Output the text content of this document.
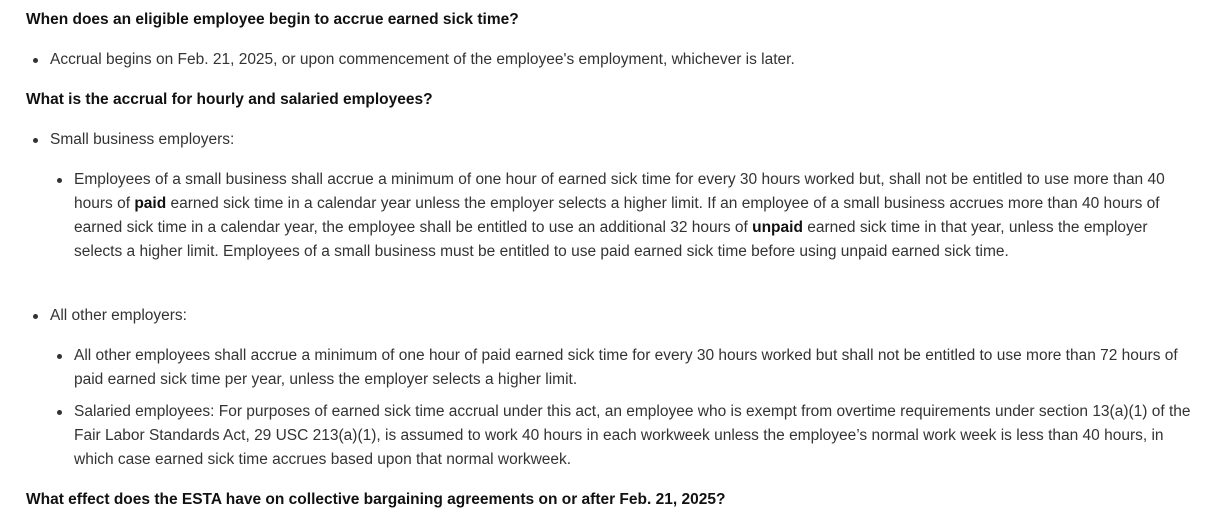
When does an eligible employee begin to accrue earned sick time?
Accrual begins on Feb. 21, 2025, or upon commencement of the employee's employment, whichever is later.
What is the accrual for hourly and salaried employees?
Small business employers:
Employees of a small business shall accrue a minimum of one hour of earned sick time for every 30 hours worked but, shall not be entitled to use more than 40 hours of paid earned sick time in a calendar year unless the employer selects a higher limit. If an employee of a small business accrues more than 40 hours of earned sick time in a calendar year, the employee shall be entitled to use an additional 32 hours of unpaid earned sick time in that year, unless the employer selects a higher limit. Employees of a small business must be entitled to use paid earned sick time before using unpaid earned sick time.
All other employers:
All other employees shall accrue a minimum of one hour of paid earned sick time for every 30 hours worked but shall not be entitled to use more than 72 hours of paid earned sick time per year, unless the employer selects a higher limit.
Salaried employees: For purposes of earned sick time accrual under this act, an employee who is exempt from overtime requirements under section 13(a)(1) of the Fair Labor Standards Act, 29 USC 213(a)(1), is assumed to work 40 hours in each workweek unless the employee’s normal work week is less than 40 hours, in which case earned sick time accrues based upon that normal workweek.
What effect does the ESTA have on collective bargaining agreements on or after Feb. 21, 2025?
